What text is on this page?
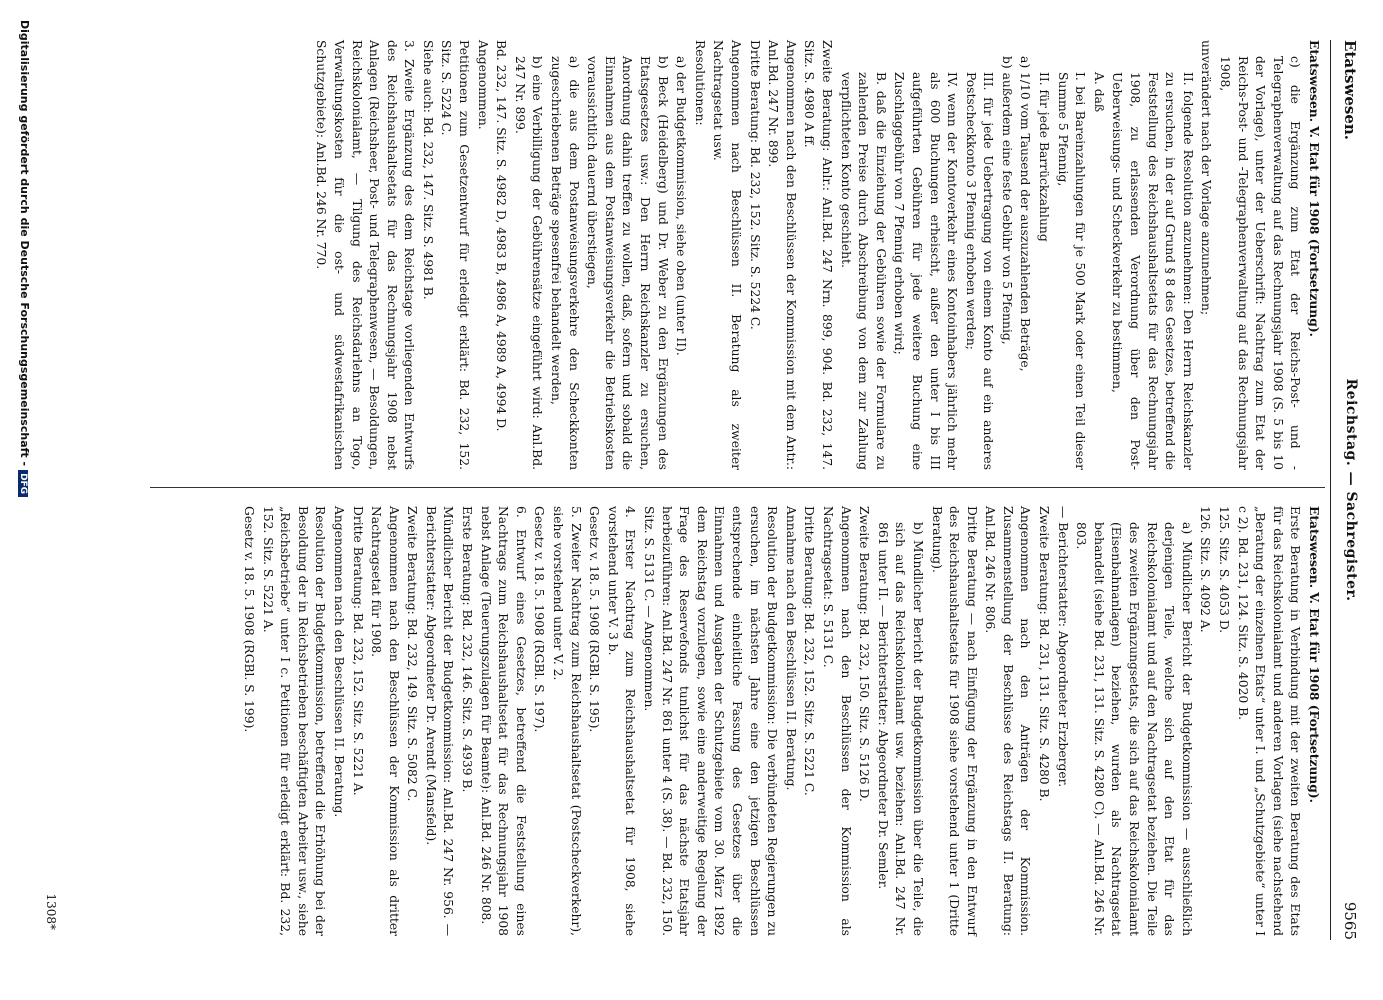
Etatswesen.
Reichstag. — Sachregister.
9565
Etatswesen. V. Etat für 1908 (Fortsetzung).
c) die Ergänzung zum Etat der Reichs-Post- und -Telegraphenverwaltung auf das Rechnungsjahr 1908 (S. 5 bis 10 der Vorlage), unter der Ueberschrift: Nachtrag zum Etat der Reichs-Post- und -Telegraphenverwaltung auf das Rechnungsjahr 1908,
unverändert nach der Vorlage anzunehmen;
II. folgende Resolution anzunehmen: Den Herrn Reichskanzler zu ersuchen, in der auf Grund § 8 des Gesetzes, betreffend die Feststellung des Reichshaushaltsetats für das Rechnungsjahr 1908, zu erlassenden Verordnung über den Post-Ueberweisungs- und Scheckverkehr zu bestimmen,
A. daß
I. bei Bareinzahlungen für je 500 Mark oder einen Teil dieser Summe 5 Pfennig,
II. für jede Barrückzahlung
a) 1/10 vom Tausend der auszuzahlenden Beträge,
b) außerdem eine feste Gebühr von 5 Pfennig,
III. für jede Uebertragung von einem Konto auf ein anderes Postscheckkonto 3 Pfennig erhoben werden;
IV. wenn der Kontoverkehr eines Kontoinhabers jährlich mehr als 600 Buchungen erheischt, außer den unter I bis III aufgeführten Gebühren für jede weitere Buchung eine Zuschlaggebühr von 7 Pfennig erhoben wird;
B. daß die Einziehung der Gebühren sowie der Formulare zu zahlenden Preise durch Abschreibung von dem zur Zahlung verpflichteten Konto geschieht.
Zweite Beratung: Anlr.: Anl.Bd. 247 Nrn. 899, 904. Bd. 232, 147. Sitz. S. 4980 A ff.
Angenommen nach den Beschlüssen der Kommission mit dem Antr.: Anl.Bd. 247 Nr. 899.
Dritte Beratung: Bd. 232, 152. Sitz. S. 5224 C.
Angenommen nach Beschlüssen II. Beratung als zweiter Nachtragsetat usw.
Resolutionen:
a) der Budgetkommission, siehe oben (unter II).
b) Beck (Heidelberg) und Dr. Weber zu den Ergänzungen des Etatsgesetzes usw.: Den Herrn Reichskanzler zu ersuchen, Anordnung dahin treffen zu wollen, daß, sofern und sobald die Einnahmen aus dem Postanweisungsverkehr die Betriebskosten voraussichtlich dauernd überstiegen,
a) die aus dem Postanweisungsverkehre den Scheckkonten zugeschriebenen Beträge spesenfrei behandelt werden,
b) eine Verbilligung der Gebührensätze eingeführt wird: Anl.Bd. 247 Nr. 899.
Bd. 232, 147. Sitz. S. 4982 D, 4983 B, 4986 A, 4989 A, 4994 D.
Angenommen.
Petitionen zum Gesetzentwurf für erledigt erklärt: Bd. 232, 152. Sitz. S. 5224 C.
Siehe auch: Bd. 232, 147. Sitz. S. 4981 B.
3. Zweite Ergänzung des dem Reichstage vorliegenden Entwurfs des Reichshaushaltsetats für das Rechnungsjahr 1908 nebst Anlagen (Reichsheer, Post- und Telegraphenwesen, — Besoldungen, Reichskolonialamt, — Tilgung des Reichsdarlehns an Togo, Verwaltungskosten für die ost- und südwestafrikanischen Schutzgebiete): Anl.Bd. 246 Nr. 770.
Etatswesen. V. Etat für 1908 (Fortsetzung).
Erste Beratung in Verbindung mit der zweiten Beratung des Etats für das Reichskolonialamt und anderen Vorlagen (siehe nachstehend „Beratung der einzelnen Etats“ unter I. und „Schutzgebiete“ unter I c 2). Bd. 231, 124. Sitz. S. 4020 B.
125. Sitz. S. 4053 D.
126. Sitz. S. 4092 A.
a) Mündlicher Bericht der Budgetkommission — ausschließlich derjenigen Teile, welche sich auf den Etat für das Reichskolonialamt und auf den Nachtragsetat beziehen. Die Teile des zweiten Ergänzungsetats, die sich auf das Reichskolonialamt (Eisenbahnanlagen) beziehen, wurden als Nachtragsetat behandelt (siehe Bd. 231, 131. Sitz. S. 4280 C). — Anl.Bd. 246 Nr. 803.
— Berichterstatter: Abgeordneter Erzberger.
Zweite Beratung: Bd. 231, 131. Sitz. S. 4280 B.
Angenommen nach den Anträgen der Kommission. Zusammenstellung der Beschlüsse des Reichstags II. Beratung: Anl.Bd. 246 Nr. 806.
Dritte Beratung — nach Einfügung der Ergänzung in den Entwurf des Reichshaushaltsetats für 1908 siehe vorstehend unter 1 (Dritte Beratung).
b) Mündlicher Bericht der Budgetkommission über die Teile, die sich auf das Reichskolonialamt usw. beziehen: Anl.Bd. 247 Nr. 861 unter II. — Berichterstatter: Abgeordneter Dr. Semler.
Zweite Beratung: Bd. 232, 150. Sitz. S. 5126 D.
Angenommen nach den Beschlüssen der Kommission als Nachtragsetat: S. 5131 C.
Dritte Beratung: Bd. 232, 152. Sitz. S. 5221 C.
Annahme nach den Beschlüssen II. Beratung.
Resolution der Budgetkommission: Die verbündeten Regierungen zu ersuchen, im nächsten Jahre eine den jetzigen Beschlüssen entsprechende einheitliche Fassung des Gesetzes über die Einnahmen und Ausgaben der Schutzgebiete vom 30. März 1892 dem Reichstag vorzulegen, sowie eine anderweitige Regelung der Frage des Reservefonds tunlichst für das nächste Etatsjahr herbeizuführen: Anl.Bd. 247 Nr. 861 unter 4 (S. 38). — Bd. 232, 150. Sitz. S. 5131 C. — Angenommen.
4. Erster Nachtrag zum Reichshaushaltsetat für 1908, siehe vorstehend unter V. 3 b.
Gesetz v. 18. 5. 1908 (RGBl. S. 195).
5. Zweiter Nachtrag zum Reichshaushaltsetat (Postscheckverkehr), siehe vorstehend unter V. 2.
Gesetz v. 18. 5. 1908 (RGBl. S. 197).
6. Entwurf eines Gesetzes, betreffend die Feststellung eines Nachtrags zum Reichshaushaltsetat für das Rechnungsjahr 1908 nebst Anlage (Teuerungszulagen für Beamte): Anl.Bd. 246 Nr. 808.
Erste Beratung: Bd. 232, 146. Sitz. S. 4939 B.
Mündlicher Bericht der Budgetkommission: Anl.Bd. 247 Nr. 956. — Berichterstatter: Abgeordneter Dr. Arendt (Mansfeld).
Zweite Beratung: Bd. 232, 149. Sitz. S. 5082 C.
Angenommen nach den Beschlüssen der Kommission als dritter Nachtragsetat für 1908.
Dritte Beratung: Bd. 232, 152. Sitz. S. 5221 A.
Angenommen nach den Beschlüssen II. Beratung.
Resolution der Budgetkommission, betreffend die Erhöhung bei der Besoldung der in Reichsbetrieben beschäftigten Arbeiter usw., siehe „Reichsbetriebe“ unter I c. Petitionen für erledigt erklärt: Bd. 232, 152. Sitz. S. 5221 A.
Gesetz v. 18. 5. 1908 (RGBl. S. 199).
1308*
Digitalisierung gefördert durch die Deutsche Forschungsgemeinschaft -DFG
